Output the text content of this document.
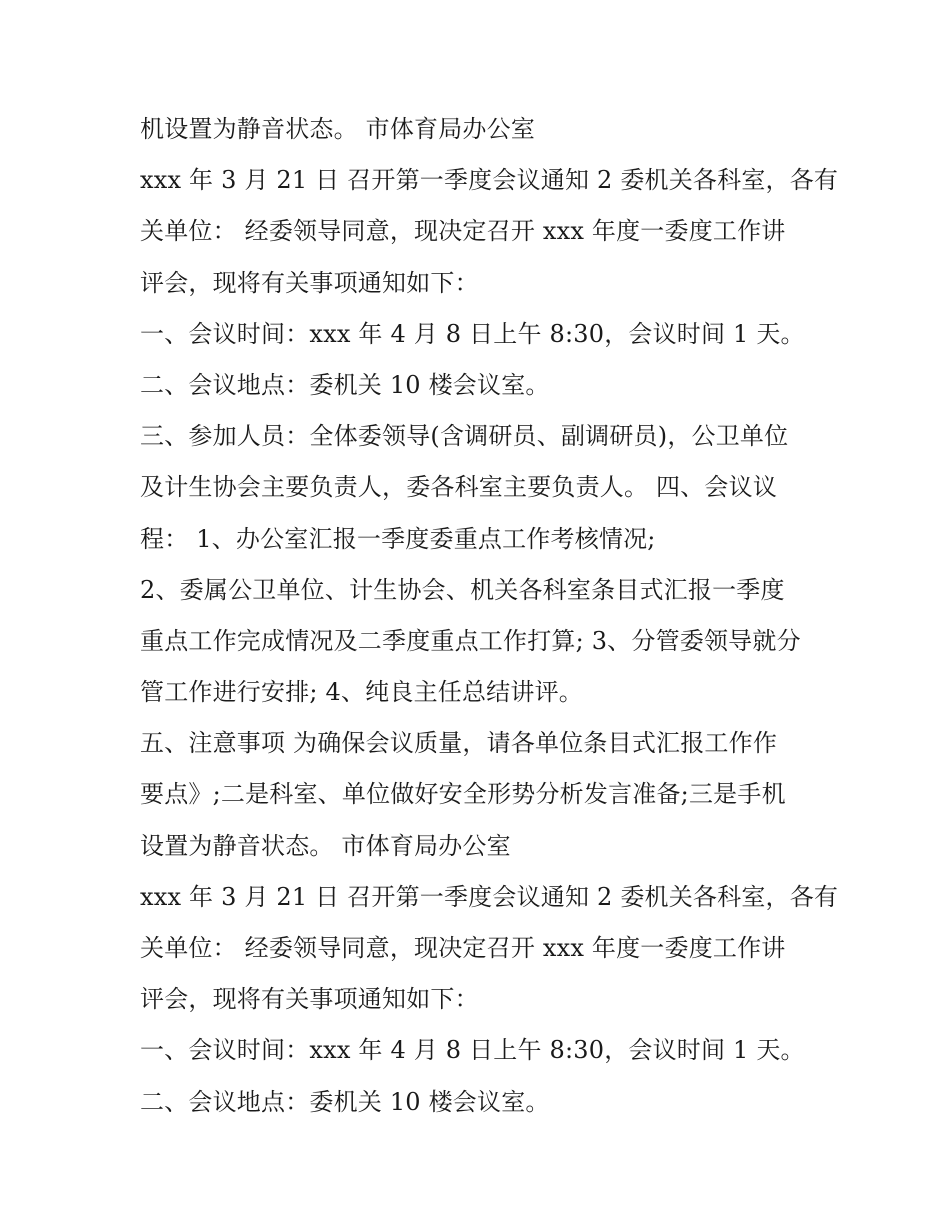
机设置为静音状态。 市体育局办公室
xxx 年 3 月 21 日 召开第一季度会议通知 2 委机关各科室，各有
关单位： 经委领导同意，现决定召开 xxx 年度一委度工作讲
评会，现将有关事项通知如下：
一、会议时间：xxx 年 4 月 8 日上午 8:30，会议时间 1 天。
二、会议地点：委机关 10 楼会议室。
三、参加人员：全体委领导(含调研员、副调研员)，公卫单位
及计生协会主要负责人，委各科室主要负责人。 四、会议议
程： 1、办公室汇报一季度委重点工作考核情况;
2、委属公卫单位、计生协会、机关各科室条目式汇报一季度
重点工作完成情况及二季度重点工作打算; 3、分管委领导就分
管工作进行安排; 4、纯良主任总结讲评。
五、注意事项 为确保会议质量，请各单位条目式汇报工作作
要点》;二是科室、单位做好安全形势分析发言准备;三是手机
设置为静音状态。 市体育局办公室
xxx 年 3 月 21 日 召开第一季度会议通知 2 委机关各科室，各有
关单位： 经委领导同意，现决定召开 xxx 年度一委度工作讲
评会，现将有关事项通知如下：
一、会议时间：xxx 年 4 月 8 日上午 8:30，会议时间 1 天。
二、会议地点：委机关 10 楼会议室。
